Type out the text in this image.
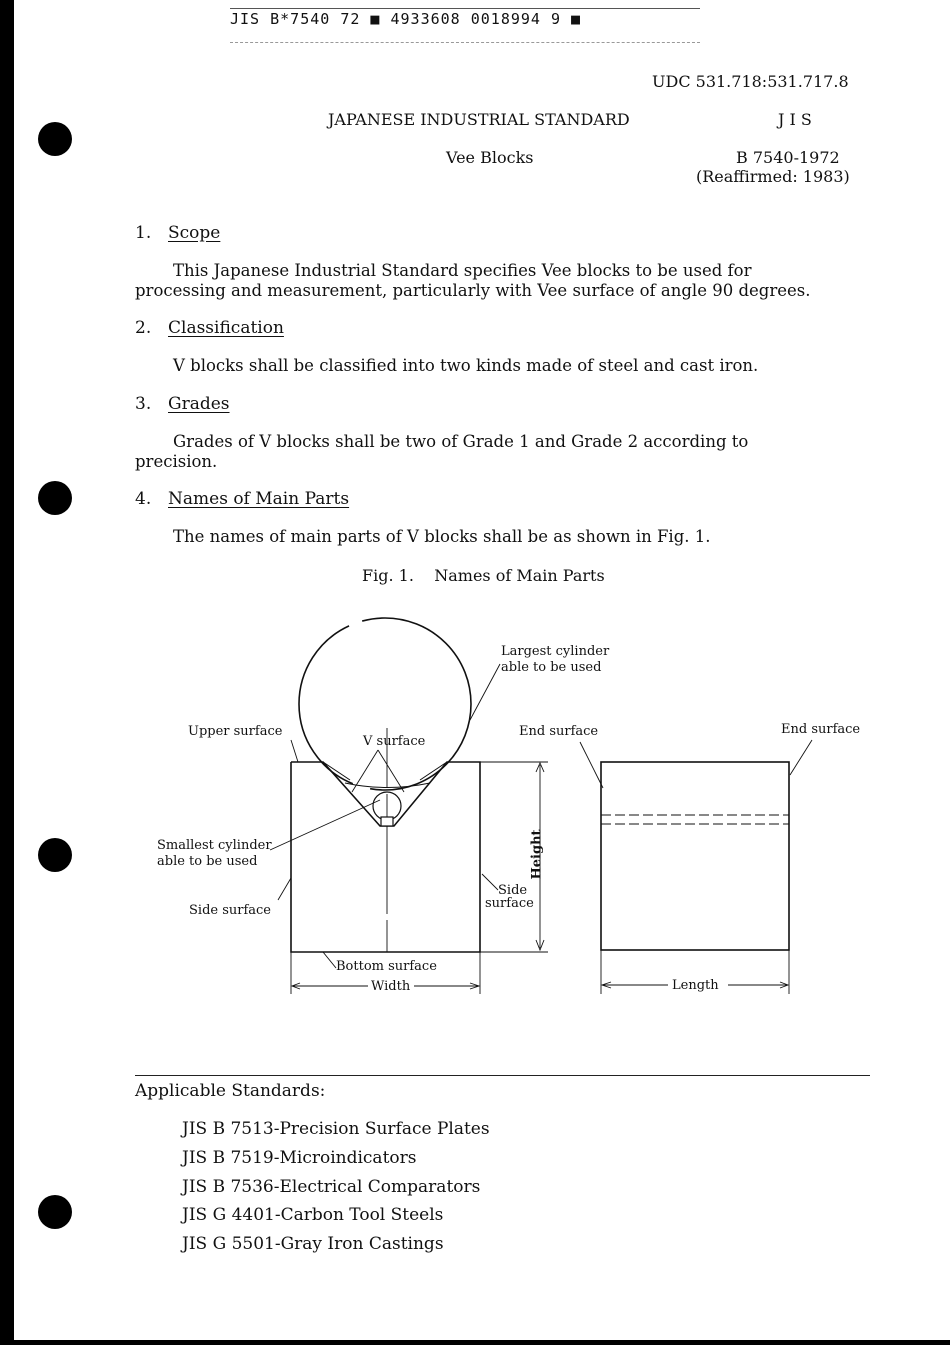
JIS B*7540 72 ■ 4933608 0018994 9 ■
UDC 531.718:531.717.8
JAPANESE INDUSTRIAL STANDARD	J I S
Vee Blocks	B 7540-1972
(Reaffirmed: 1983)
1. Scope
This Japanese Industrial Standard specifies Vee blocks to be used for
processing and measurement, particularly with Vee surface of angle 90 degrees.
2. Classification
V blocks shall be classified into two kinds made of steel and cast iron.
3. Grades
Grades of V blocks shall be two of Grade 1 and Grade 2 according to
precision.
4. Names of Main Parts
The names of main parts of V blocks shall be as shown in Fig. 1.
Fig. 1.    Names of Main Parts
Largest cylinder
able to be used
Upper surface
V surface
End surface	End surface
Smallest cylinder
able to be used	Height
Side
surface
Side surface
Bottom surface
Width	Length
Applicable Standards:
JIS B 7513-Precision Surface Plates
JIS B 7519-Microindicators
JIS B 7536-Electrical Comparators
JIS G 4401-Carbon Tool Steels
JIS G 5501-Gray Iron Castings
